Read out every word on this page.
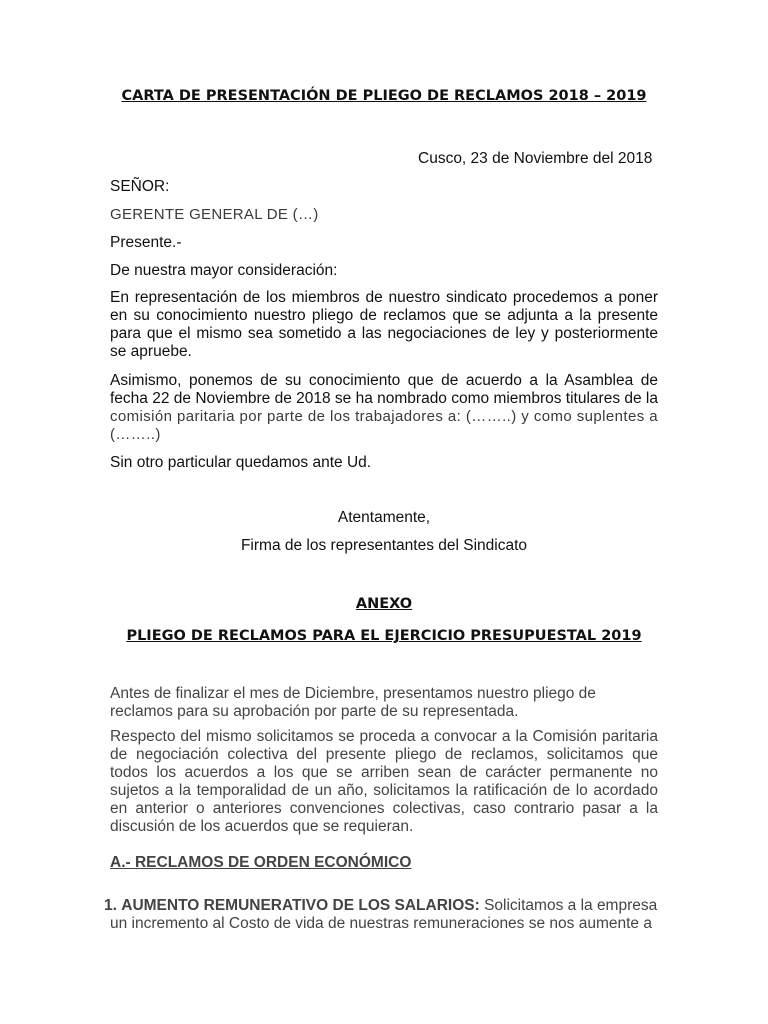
CARTA DE PRESENTACIÓN DE PLIEGO DE RECLAMOS 2018 – 2019
Cusco, 23 de Noviembre del 2018
SEÑOR:
GERENTE GENERAL DE (…)
Presente.-
De nuestra mayor consideración:
En representación de los miembros de nuestro sindicato procedemos a poner en su conocimiento nuestro pliego de reclamos que se adjunta a la presente para que el mismo sea sometido a las negociaciones de ley y posteriormente se apruebe.
Asimismo, ponemos de su conocimiento que de acuerdo a la Asamblea de fecha 22 de Noviembre de 2018 se ha nombrado como miembros titulares de la comisión paritaria por parte de los trabajadores a: (……..) y como suplentes a (……..)
Sin otro particular quedamos ante Ud.
Atentamente,
Firma de los representantes del Sindicato
ANEXO
PLIEGO DE RECLAMOS PARA EL EJERCICIO PRESUPUESTAL 2019
Antes de finalizar el mes de Diciembre, presentamos nuestro pliego de reclamos para su aprobación por parte de su representada.
Respecto del mismo solicitamos se proceda a convocar a la Comisión paritaria de negociación colectiva del presente pliego de reclamos, solicitamos que todos los acuerdos a los que se arriben sean de carácter permanente no sujetos a la temporalidad de un año, solicitamos la ratificación de lo acordado en anterior o anteriores convenciones colectivas, caso contrario pasar a la discusión de los acuerdos que se requieran.
A.- RECLAMOS DE ORDEN ECONÓMICO
1. AUMENTO REMUNERATIVO DE LOS SALARIOS: Solicitamos a la empresa
un incremento al Costo de vida de nuestras remuneraciones se nos aumente a
